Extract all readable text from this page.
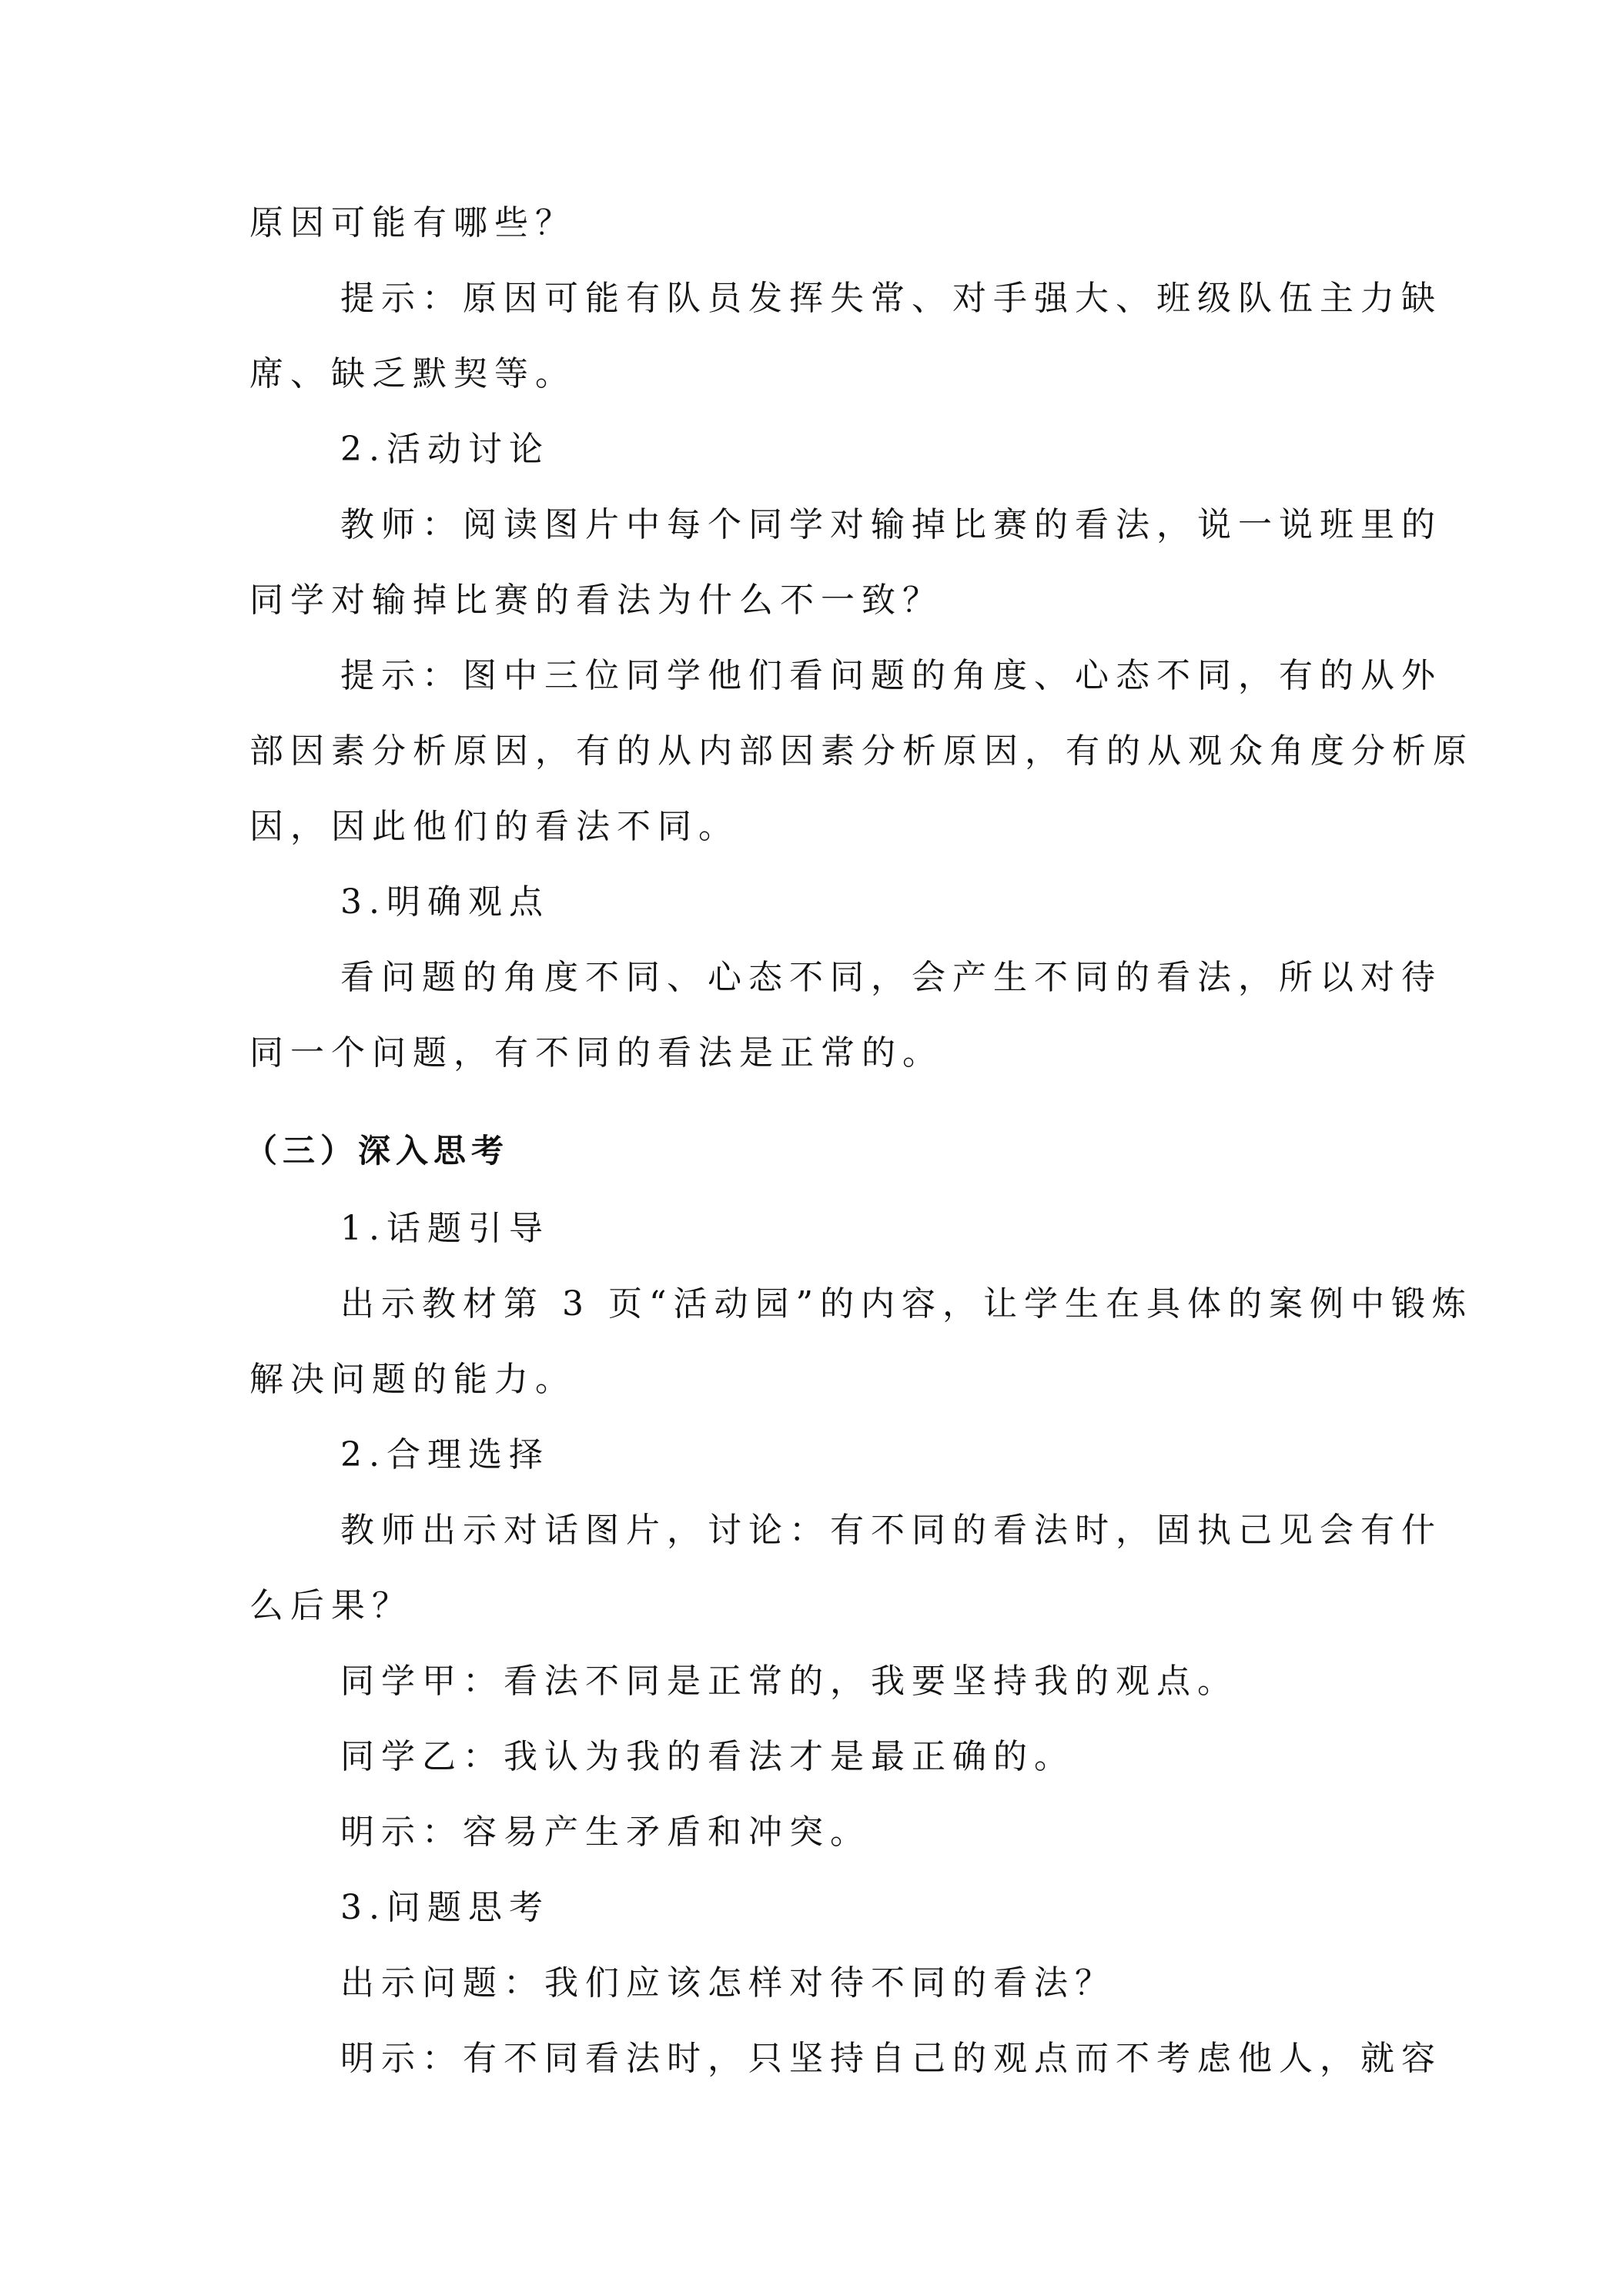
原因可能有哪些？

提示：原因可能有队员发挥失常、对手强大、班级队伍主力缺

席、缺乏默契等。

2.活动讨论

教师：阅读图片中每个同学对输掉比赛的看法，说一说班里的

同学对输掉比赛的看法为什么不一致？

提示：图中三位同学他们看问题的角度、心态不同，有的从外

部因素分析原因，有的从内部因素分析原因，有的从观众角度分析原

因，因此他们的看法不同。

3.明确观点

看问题的角度不同、心态不同，会产生不同的看法，所以对待

同一个问题，有不同的看法是正常的。

（三）深入思考

1.话题引导

出示教材第 3 页“活动园”的内容，让学生在具体的案例中锻炼

解决问题的能力。

2.合理选择

教师出示对话图片，讨论：有不同的看法时，固执己见会有什

么后果？

同学甲：看法不同是正常的，我要坚持我的观点。

同学乙：我认为我的看法才是最正确的。

明示：容易产生矛盾和冲突。

3.问题思考

出示问题：我们应该怎样对待不同的看法？

明示：有不同看法时，只坚持自己的观点而不考虑他人，就容
